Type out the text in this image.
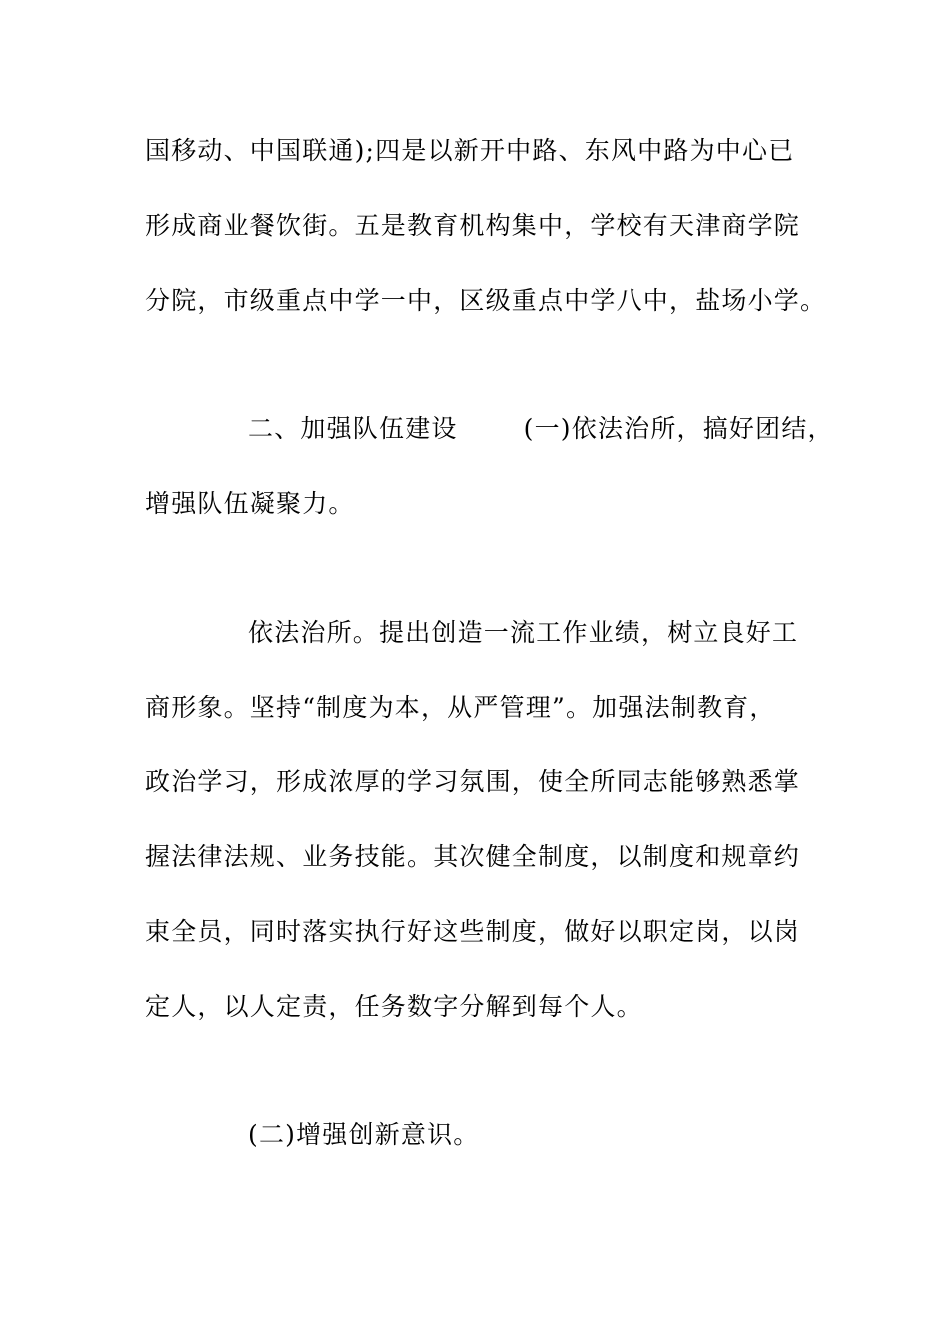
国移动、中国联通);四是以新开中路、东风中路为中心已
形成商业餐饮街。五是教育机构集中，学校有天津商学院
分院，市级重点中学一中，区级重点中学八中，盐场小学。
二、加强队伍建设	(一)依法治所，搞好团结，
增强队伍凝聚力。
依法治所。提出创造一流工作业绩，树立良好工
商形象。坚持“制度为本，从严管理”。加强法制教育，
政治学习，形成浓厚的学习氛围，使全所同志能够熟悉掌
握法律法规、业务技能。其次健全制度，以制度和规章约
束全员，同时落实执行好这些制度，做好以职定岗，以岗
定人，以人定责，任务数字分解到每个人。
(二)增强创新意识。
